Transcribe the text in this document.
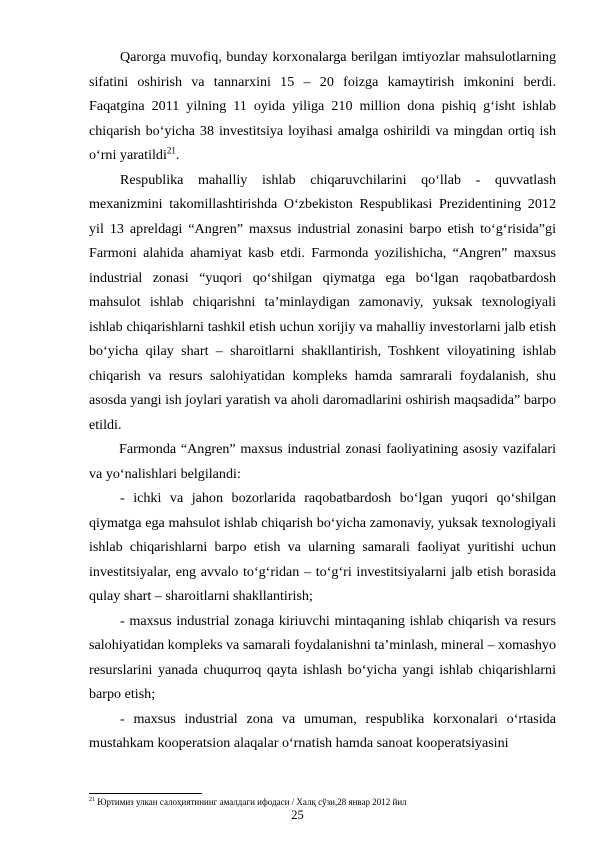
Qarorga muvofiq, bunday korxonalarga berilgan imtiyozlar mahsulotlarning sifatini oshirish va tannarxini 15 – 20 foizga kamaytirish imkonini berdi. Faqatgina 2011 yilning 11 oyida yiliga 210 million dona pishiq g‘isht ishlab chiqarish bo‘yicha 38 investitsiya loyihasi amalga oshirildi va mingdan ortiq ish o‘rni yaratildi$^{21}$.

Respublika mahalliy ishlab chiqaruvchilarini qo‘llab - quvvatlash mexanizmini takomillashtirishda O‘zbekiston Respublikasi Prezidentining 2012 yil 13 apreldagi “Angren” maxsus industrial zonasini barpo etish to‘g‘risida”gi Farmoni alahida ahamiyat kasb etdi. Farmonda yozilishicha, “Angren” maxsus industrial zonasi “yuqori qo‘shilgan qiymatga ega bo‘lgan raqobatbardosh mahsulot ishlab chiqarishni ta’minlaydigan zamonaviy, yuksak texnologiyali ishlab chiqarishlarni tashkil etish uchun xorijiy va mahalliy investorlarni jalb etish bo‘yicha qilay shart – sharoitlarni shakllantirish, Toshkent viloyatining ishlab chiqarish va resurs salohiyatidan kompleks hamda samrarali foydalanish, shu asosda yangi ish joylari yaratish va aholi daromadlarini oshirish maqsadida” barpo etildi.

Farmonda “Angren” maxsus industrial zonasi faoliyatining asosiy vazifalari va yo‘nalishlari belgilandi:

- ichki va jahon bozorlarida raqobatbardosh bo‘lgan yuqori qo‘shilgan qiymatga ega mahsulot ishlab chiqarish bo‘yicha zamonaviy, yuksak texnologiyali ishlab chiqarishlarni barpo etish va ularning samarali faoliyat yuritishi uchun investitsiyalar, eng avvalo to‘g‘ridan – to‘g‘ri investitsiyalarni jalb etish borasida qulay shart – sharoitlarni shakllantirish;

- maxsus industrial zonaga kiriuvchi mintaqaning ishlab chiqarish va resurs salohiyatidan kompleks va samarali foydalanishni ta’minlash, mineral – xomashyo resurslarini yanada chuqurroq qayta ishlash bo‘yicha yangi ishlab chiqarishlarni barpo etish;

- maxsus industrial zona va umuman, respublika korxonalari o‘rtasida mustahkam kooperatsion alaqalar o‘rnatish hamda sanoat kooperatsiyasini

$^{21}$ Юртимиз улкан салоҳиятининг амалдаги ифодаси / Халқ сўзи,28 январ 2012 йил
25
